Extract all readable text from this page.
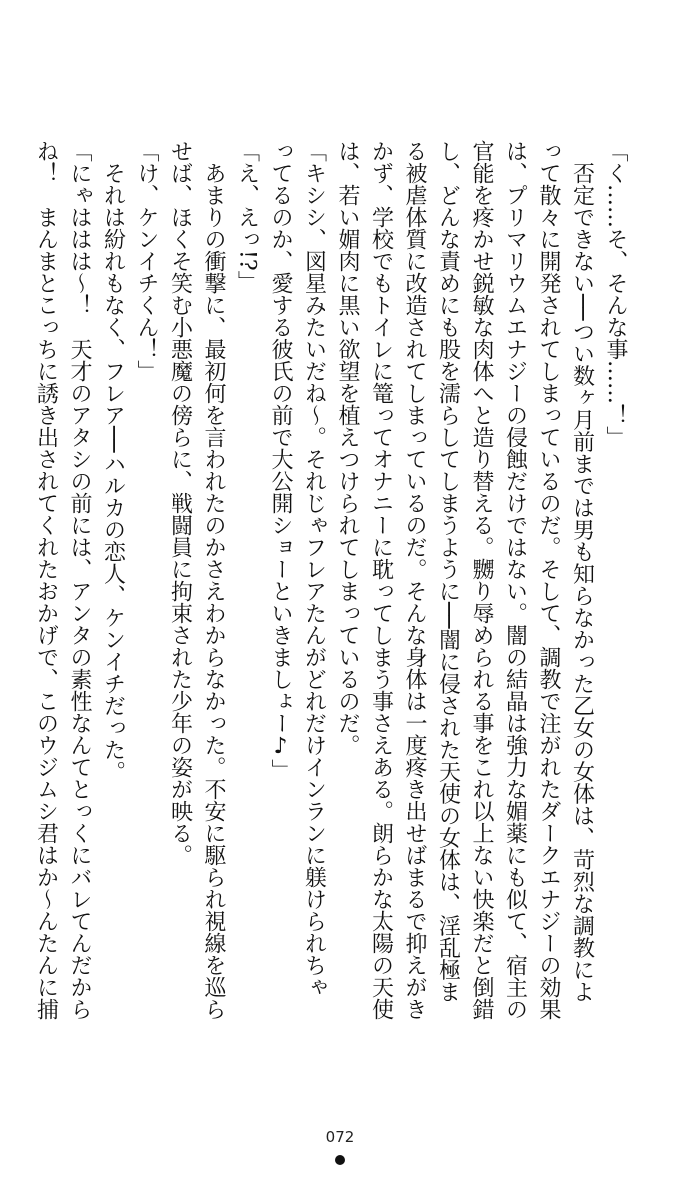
「く……そ、そんな事……！」
　否定できない──つい数ヶ月前までは男も知らなかった乙女の女体は、苛烈な調教によ
って散々に開発されてしまっているのだ。そして、調教で注がれたダークエナジーの効果
は、プリマリウムエナジーの侵蝕だけではない。闇の結晶は強力な媚薬にも似て、宿主の
官能を疼かせ鋭敏な肉体へと造り替える。嬲り辱められる事をこれ以上ない快楽だと倒錯
し、どんな責めにも股を濡らしてしまうように──闇に侵された天使の女体は、淫乱極ま
る被虐体質に改造されてしまっているのだ。そんな身体は一度疼き出せばまるで抑えがき
かず、学校でもトイレに篭ってオナニーに耽ってしまう事さえある。朗らかな太陽の天使
は、若い媚肉に黒い欲望を植えつけられてしまっているのだ。
「キシシ、図星みたいだね～。それじゃフレアたんがどれだけインランに躾けられちゃ
ってるのか、愛する彼氏の前で大公開ショーといきましょー♪」
「え、えっ!?」
　あまりの衝撃に、最初何を言われたのかさえわからなかった。不安に駆られ視線を巡ら
せば、ほくそ笑む小悪魔の傍らに、戦闘員に拘束された少年の姿が映る。
「け、ケンイチくん！」
　それは紛れもなく、フレア──ハルカの恋人、ケンイチだった。
「にゃははは～！　天才のアタシの前には、アンタの素性なんてとっくにバレてんだから
ね！　まんまとこっちに誘き出されてくれたおかげで、このウジムシ君はか～んたんに捕
072
